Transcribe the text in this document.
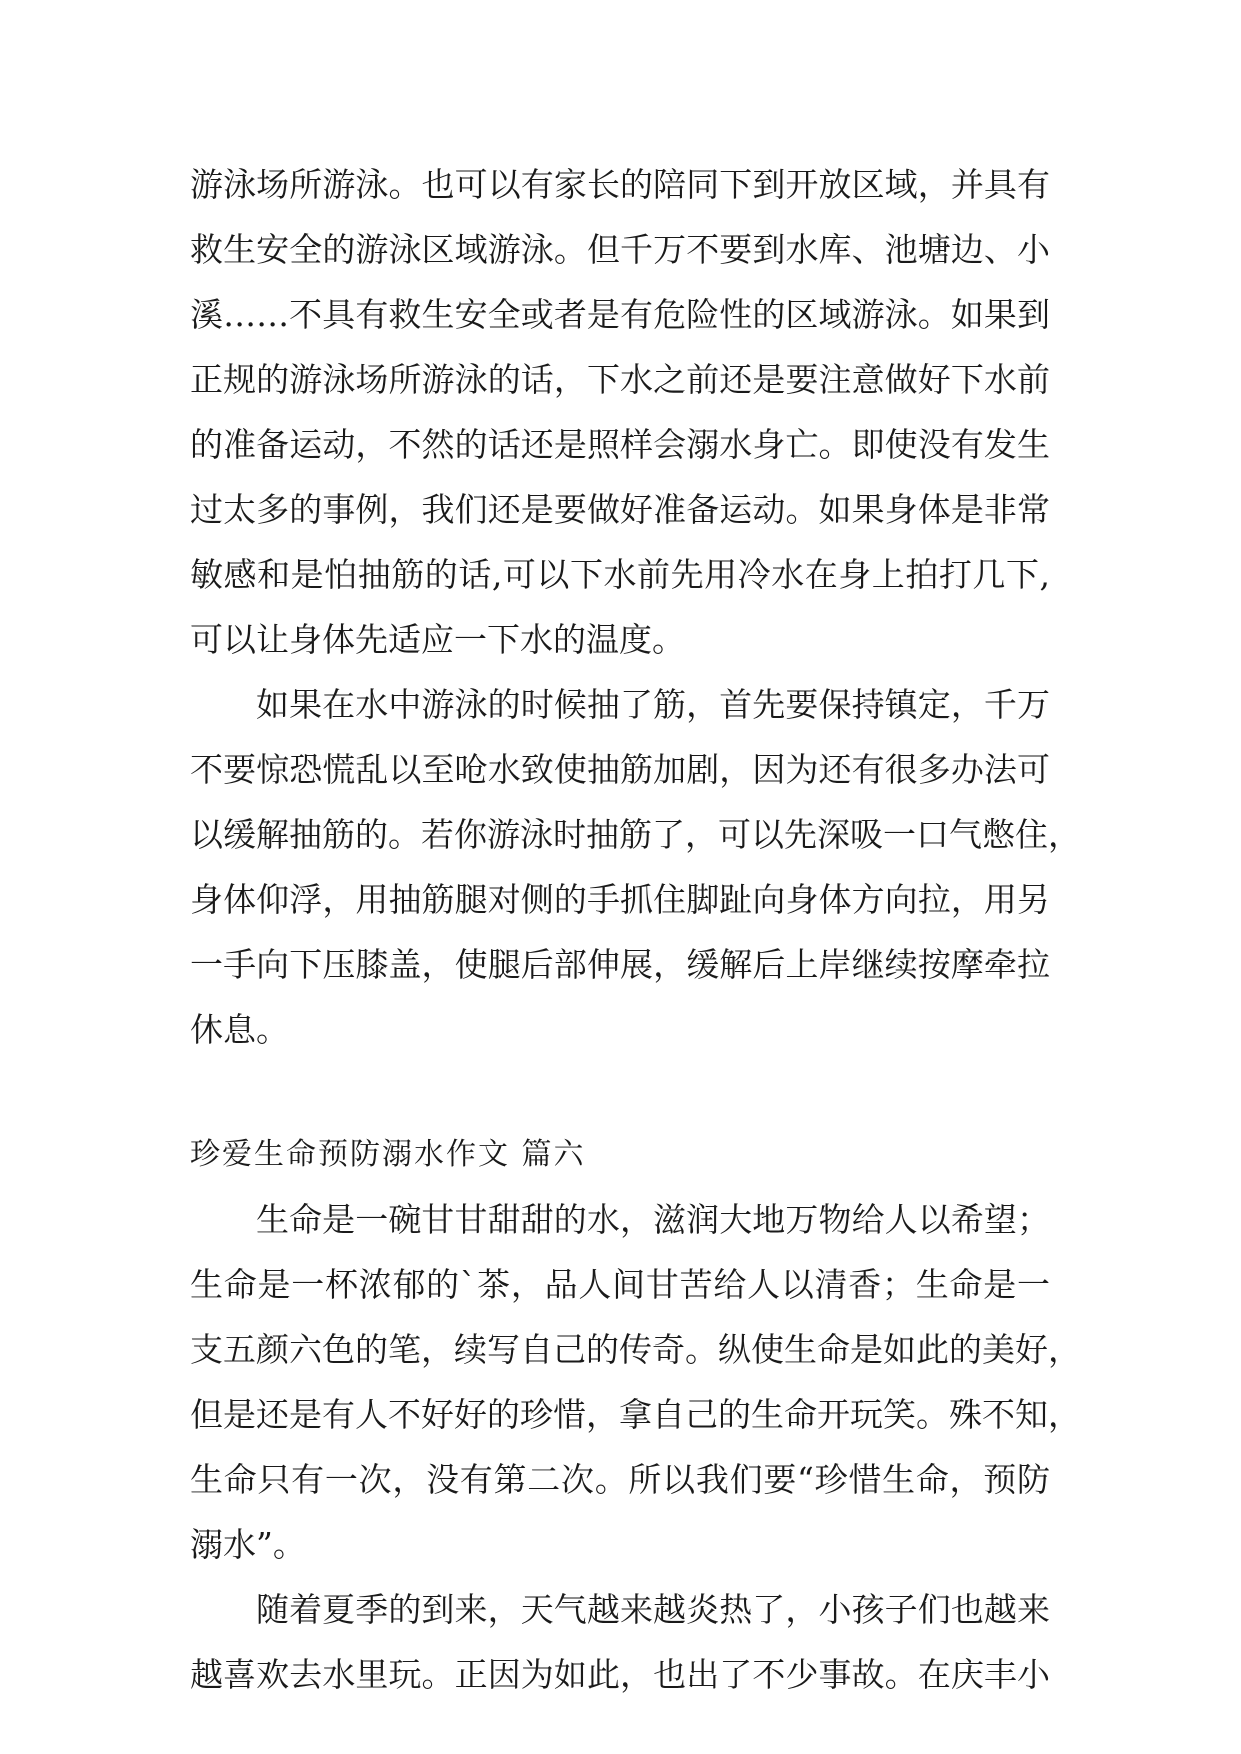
游泳场所游泳。也可以有家长的陪同下到开放区域，并具有
救生安全的游泳区域游泳。但千万不要到水库、池塘边、小
溪……不具有救生安全或者是有危险性的区域游泳。如果到
正规的游泳场所游泳的话，下水之前还是要注意做好下水前
的准备运动，不然的话还是照样会溺水身亡。即使没有发生
过太多的事例，我们还是要做好准备运动。如果身体是非常
敏感和是怕抽筋的话,可以下水前先用冷水在身上拍打几下,
可以让身体先适应一下水的温度。
如果在水中游泳的时候抽了筋，首先要保持镇定，千万
不要惊恐慌乱以至呛水致使抽筋加剧，因为还有很多办法可
以缓解抽筋的。若你游泳时抽筋了，可以先深吸一口气憋住，
身体仰浮，用抽筋腿对侧的手抓住脚趾向身体方向拉，用另
一手向下压膝盖，使腿后部伸展，缓解后上岸继续按摩牵拉
休息。
珍爱生命预防溺水作文 篇六
生命是一碗甘甘甜甜的水，滋润大地万物给人以希望；
生命是一杯浓郁的`茶，品人间甘苦给人以清香；生命是一
支五颜六色的笔，续写自己的传奇。纵使生命是如此的美好，
但是还是有人不好好的珍惜，拿自己的生命开玩笑。殊不知，
生命只有一次，没有第二次。所以我们要“珍惜生命，预防
溺水”。
随着夏季的到来，天气越来越炎热了，小孩子们也越来
越喜欢去水里玩。正因为如此，也出了不少事故。在庆丰小
